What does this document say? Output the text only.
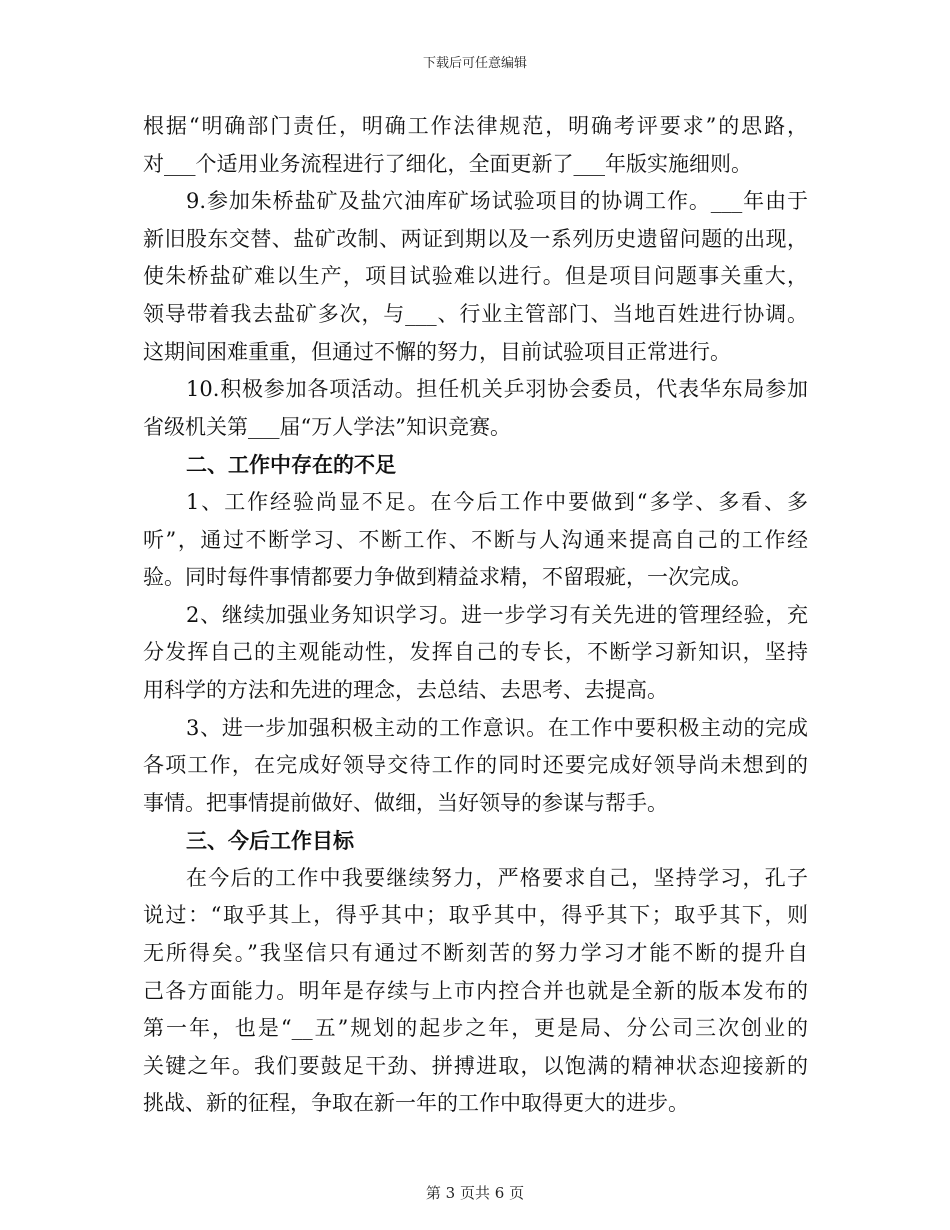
下载后可任意编辑
根据“明确部门责任，明确工作法律规范，明确考评要求”的思路，
对___个适用业务流程进行了细化，全面更新了___年版实施细则。
9.参加朱桥盐矿及盐穴油库矿场试验项目的协调工作。___年由于
新旧股东交替、盐矿改制、两证到期以及一系列历史遗留问题的出现，
使朱桥盐矿难以生产，项目试验难以进行。但是项目问题事关重大，
领导带着我去盐矿多次，与___、行业主管部门、当地百姓进行协调。
这期间困难重重，但通过不懈的努力，目前试验项目正常进行。
10.积极参加各项活动。担任机关乒羽协会委员，代表华东局参加
省级机关第___届“万人学法”知识竞赛。
二、工作中存在的不足
1、工作经验尚显不足。在今后工作中要做到“多学、多看、多
听”，通过不断学习、不断工作、不断与人沟通来提高自己的工作经
验。同时每件事情都要力争做到精益求精，不留瑕疵，一次完成。
2、继续加强业务知识学习。进一步学习有关先进的管理经验，充
分发挥自己的主观能动性，发挥自己的专长，不断学习新知识，坚持
用科学的方法和先进的理念，去总结、去思考、去提高。
3、进一步加强积极主动的工作意识。在工作中要积极主动的完成
各项工作，在完成好领导交待工作的同时还要完成好领导尚未想到的
事情。把事情提前做好、做细，当好领导的参谋与帮手。
三、今后工作目标
在今后的工作中我要继续努力，严格要求自己，坚持学习，孔子
说过：“取乎其上，得乎其中；取乎其中，得乎其下；取乎其下，则
无所得矣。”我坚信只有通过不断刻苦的努力学习才能不断的提升自
己各方面能力。明年是存续与上市内控合并也就是全新的版本发布的
第一年，也是“__五”规划的起步之年，更是局、分公司三次创业的
关键之年。我们要鼓足干劲、拼搏进取，以饱满的精神状态迎接新的
挑战、新的征程，争取在新一年的工作中取得更大的进步。
第 3 页共 6 页
